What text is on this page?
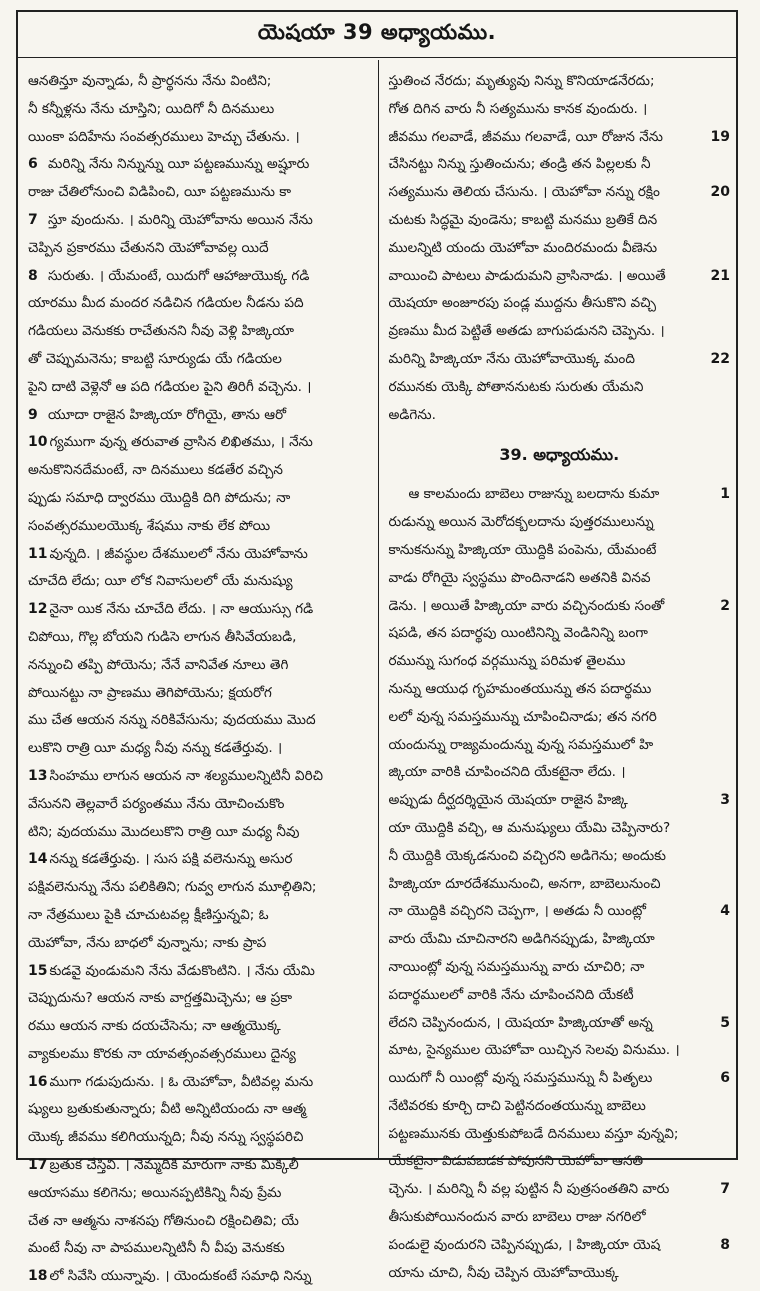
యెషయా 39 అధ్యాయము.
ఆనతిన్తూ వున్నాడు, నీ ప్రార్థనను నేను వింటిని;
నీ కన్నీళ్లను నేను చూస్తిని; యిదిగో నీ దినములు
యింకా పదిహేను సంవత్సరములు హెచ్చు చేతును. ।
6 మరిన్ని నేను నిన్నున్ను యీ పట్టణమున్ను అష్షూరు
రాజు చేతిలోనుంచి విడిపించి, యీ పట్టణమును కా
7 స్తూ వుందును. । మరిన్ని యెహోవాను అయిన నేను
చెప్పిన ప్రకారము చేతునని యెహోవావల్ల యిదే
8 సురుతు. । యేమంటే, యిదుగో ఆహాజుయొక్క గడి
యారము మీద మందర నడిచిన గడియల నీడను పది
గడియలు వెనుకకు రాచేతునని నీవు వెళ్లి హిజ్కియా
తో చెప్పుమనెను; కాబట్టి సూర్యుడు యే గడియల
పైని దాటి వెళ్లెనో ఆ పది గడియల పైని తిరిగీ వచ్చెను. ।
9 యూదా రాజైన హిజ్కియా రోగియై, తాను ఆరో
10 గ్యముగా వున్న తరువాత వ్రాసిన లిఖితము, । నేను
అనుకొనినదేమంటే, నా దినములు కడతేర వచ్చిన
ప్పుడు సమాధి ద్వారము యొద్దికి దిగి పోదును; నా
సంవత్సరములయొక్క శేషము నాకు లేక పోయి
11 వున్నది. । జీవస్థుల దేశములలో నేను యెహోవాను
చూచేది లేదు; యీ లోక నివాసులలో యే మనుష్యు
12 నైనా యిక నేను చూచేది లేదు. । నా ఆయుస్సు గడి
చిపోయి, గొల్ల బోయని గుడిసె లాగున తీసివేయబడి,
నన్నుంచి తప్పి పోయెను; నేనే వానివేత నూలు తెగి
పోయినట్టు నా ప్రాణము తెగిపోయెను; క్షయరోగ
ము చేత ఆయన నన్ను నరికివేసును; వుదయము మొద
లుకొని రాత్రి యీ మధ్య నీవు నన్ను కడతేర్తువు. ।
13 సింహము లాగున ఆయన నా శల్యములన్నిటినీ విరిచి
వేసునని తెల్లవారే పర్యంతము నేను యోచించుకొం
టిని; వుదయము మొదలుకొని రాత్రి యీ మధ్య నీవు
14 నన్ను కడతేర్తువు. । సుస పక్షి వలెనున్ను అసుర
పక్షివలెనున్ను నేను పలికితిని; గువ్వ లాగున మూల్గితిని;
నా నేత్రములు పైకి చూచుటవల్ల క్షీణిస్తున్నవి; ఓ
యెహోవా, నేను బాధలో వున్నాను; నాకు ప్రాప
15 కుడవై వుండుమని నేను వేడుకొంటిని. । నేను యేమి
చెప్పుదును? ఆయన నాకు వాగ్దత్తమిచ్చెను; ఆ ప్రకా
రము ఆయన నాకు దయచేసెను; నా ఆత్మయొక్క
వ్యాకులము కొరకు నా యావత్సంవత్సరములు దైన్య
16 ముగా గడుపుదును. । ఓ యెహోవా, వీటివల్ల మను
ష్యులు బ్రతుకుతున్నారు; వీటి అన్నిటియందు నా ఆత్మ
యొక్క జీవము కలిగియున్నది; నీవు నన్ను స్వస్థపరిచి
17 బ్రతుక చేస్తివి. । నెమ్మదికి మారుగా నాకు మిక్కిలీ
ఆయాసము కలిగెను; అయినప్పటికిన్ని నీవు ప్రేమ
చేత నా ఆత్మను నాశనపు గోతినుంచి రక్షించితివి; యే
మంటే నీవు నా పాపములన్నిటినీ నీ వీపు వెనుకకు
18 లో సివేసి యున్నావు. । యెందుకంటే సమాధి నిన్ను
స్తుతించ నేరదు; మృత్యువు నిన్ను కొనియాడనేరదు;
గోత దిగిన వారు నీ సత్యమును కానక వుందురు. ।
జీవము గలవాడే, జీవము గలవాడే, యీ రోజున నేను	19
చేసినట్టు నిన్ను స్తుతించును; తండ్రి తన పిల్లలకు నీ
సత్యమును తెలియ చేసును. । యెహోవా నన్ను రక్షిం	20
చుటకు సిద్ధమై వుండెను; కాబట్టి మనము బ్రతికే దిన
ములన్నిటి యందు యెహోవా మందిరమందు వీణెను
వాయించి పాటలు పాడుదుమని వ్రాసినాడు. । అయితే	21
యెషయా అంజూరపు పండ్ల ముద్దను తీసుకొని వచ్చి
వ్రణము మీద పెట్టితే అతడు బాగుపడునని చెప్పెను. ।
మరిన్ని హిజ్కియా నేను యెహోవాయొక్క మంది	22
రమునకు యెక్కి పోతాననుటకు సురుతు యేమని
అడిగెను.
39. అధ్యాయము.
ఆ కాలమందు బాబెలు రాజున్ను బలదాను కుమా	1
రుడున్ను అయిన మెరోదక్బలదాను పుత్తరములున్ను
కానుకనున్ను హిజ్కియా యొద్దికి పంపెను, యేమంటే
వాడు రోగియై స్వస్థము పొందినాడని అతనికి వినవ
డెను. । అయితే హిజ్కియా వారు వచ్చినందుకు సంతో	2
షపడి, తన పదార్థపు యింటినిన్ని వెండినిన్ని బంగా
రమున్ను సుగంధ వర్గమున్ను పరిమళ తైలము
నున్ను ఆయుధ గృహమంతయున్ను తన పదార్థము
లలో వున్న సమస్తమున్ను చూపించినాడు; తన నగరి
యందున్ను రాజ్యమందున్ను వున్న సమస్తములో హి
జ్కియా వారికి చూపించనిది యేకటైనా లేదు. ।
అప్పుడు దీర్ఘదర్శియైన యెషయా రాజైన హిజ్కి	3
యా యొద్దికి వచ్చి, ఆ మనుష్యులు యేమి చెప్పినారు?
నీ యొద్దికి యెక్కడనుంచి వచ్చిరని అడిగెను; అందుకు
హిజ్కియా దూరదేశమునుంచి, అనగా, బాబెలునుంచి
నా యొద్దికి వచ్చిరని చెప్పగా, । అతడు నీ యింట్లో	4
వారు యేమి చూచినారని అడిగినప్పుడు, హిజ్కియా
నాయింట్లో వున్న సమస్తమున్ను వారు చూచిరి; నా
పదార్థములలో వారికి నేను చూపించనిది యేకటీ
లేదని చెప్పినందున, । యెషయా హిజ్కియాతో అన్న	5
మాట, సైన్యముల యెహోవా యిచ్చిన సెలవు వినుము. ।
యిదుగో నీ యింట్లో వున్న సమస్తమున్ను నీ పితృలు	6
నేటివరకు కూర్చి దాచి పెట్టినదంతయున్ను బాబెలు
పట్టణమునకు యెత్తుకుపోబడే దినములు వస్తూ వున్నవి;
యేకటైనా విడువబడక పోవునని యెహోవా ఆనతి
చ్చెను. । మరిన్ని నీ వల్ల పుట్టిన నీ పుత్రసంతతిని వారు	7
తీసుకుపోయినందున వారు బాబెలు రాజు నగరిలో
పండులై వుందురని చెప్పినప్పుడు, । హిజ్కియా యెష	8
యాను చూచి, నీవు చెప్పిన యెహోవాయొక్క
